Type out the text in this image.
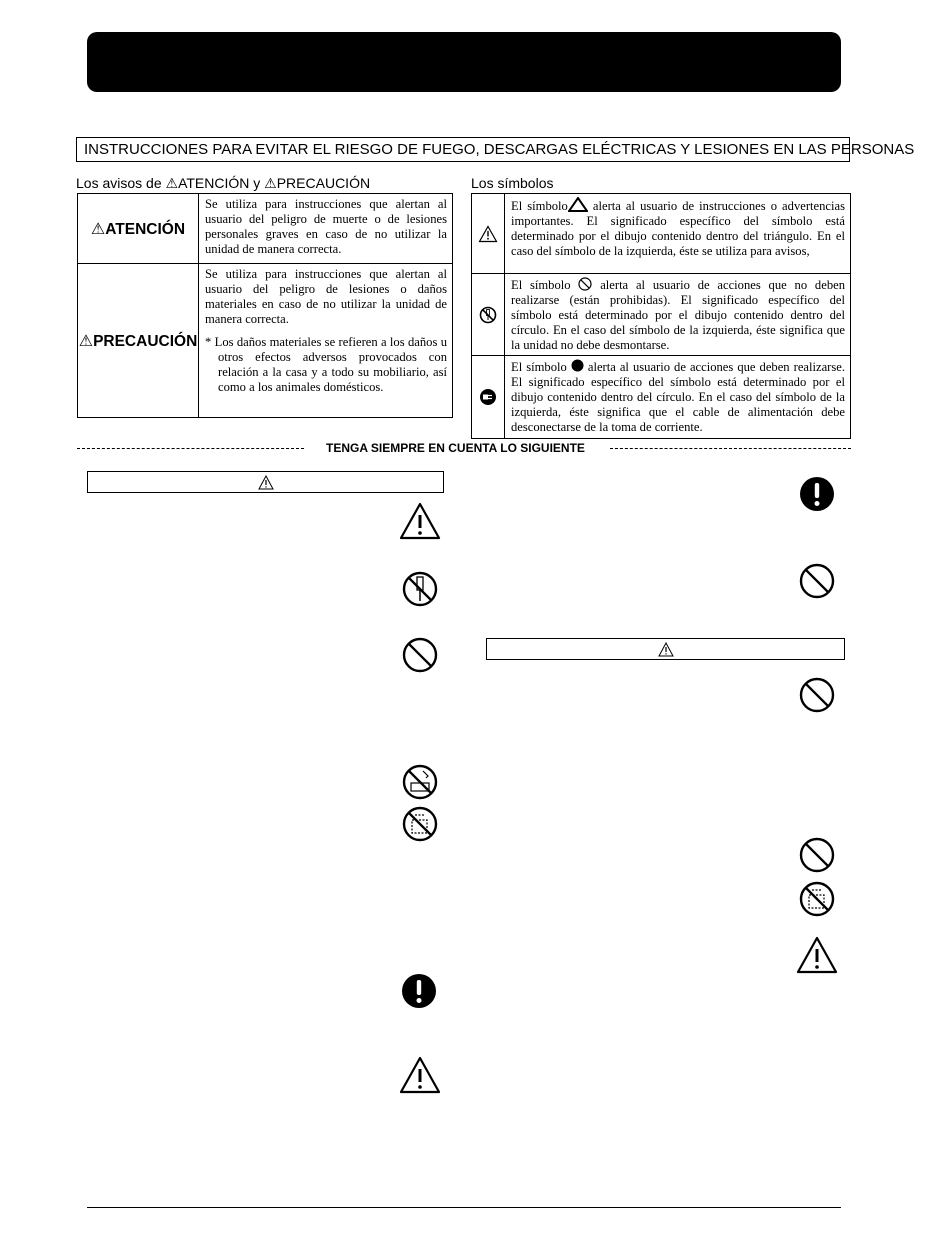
INSTRUCCIONES PARA EVITAR EL RIESGO DE FUEGO, DESCARGAS ELÉCTRICAS Y LESIONES EN LAS PERSONAS
Los avisos de ⚠ATENCIÓN y ⚠PRECAUCIÓN	Los símbolos
⚠ATENCIÓN	Se utiliza para instrucciones que alertan al usuario del peligro de muerte o de lesiones personales graves en caso de no utilizar la unidad de manera correcta.
⚠PRECAUCIÓN	Se utiliza para instrucciones que alertan al usuario del peligro de lesiones o daños materiales en caso de no utilizar la unidad de manera correcta.
* Los daños materiales se refieren a los daños u otros efectos adversos provocados con relación a la casa y a todo su mobiliario, así como a los animales domésticos.
	El símbolo alerta al usuario de instrucciones o advertencias importantes. El significado específico del símbolo está determinado por el dibujo contenido dentro del triángulo. En el caso del símbolo de la izquierda, éste se utiliza para avisos,

	El símbolo  alerta al usuario de acciones que no deben realizarse (están prohibidas). El significado específico del símbolo está determinado por el dibujo contenido dentro del círculo. En el caso del símbolo de la izquierda, éste significa que la unidad no debe desmontarse.

	El símbolo  alerta al usuario de acciones que deben realizarse. El significado específico del símbolo está determinado por el dibujo contenido dentro del círculo. En el caso del símbolo de la izquierda, éste significa que el cable de alimentación debe desconectarse de la toma de corriente.
TENGA SIEMPRE EN CUENTA LO SIGUIENTE
